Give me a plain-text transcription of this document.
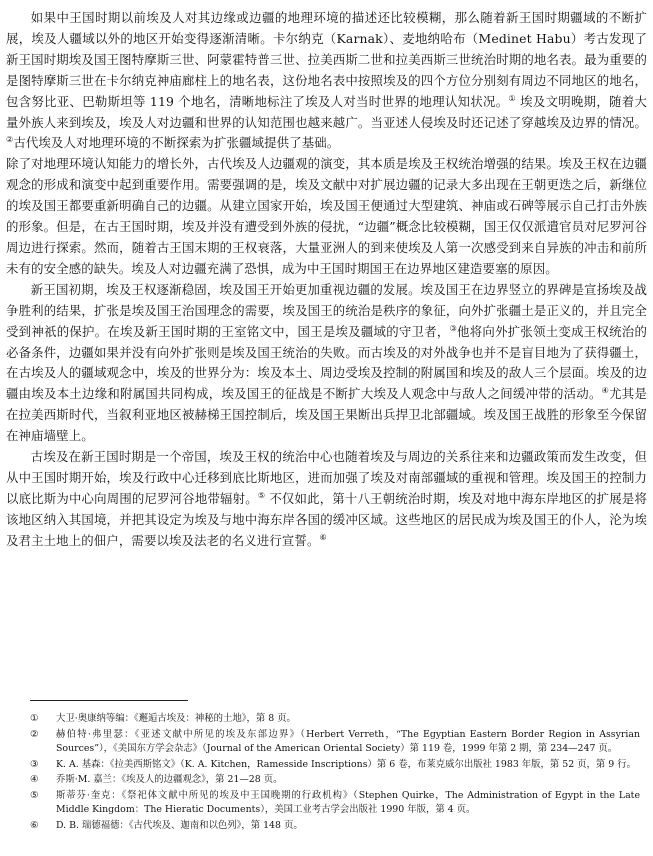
如果中王国时期以前埃及人对其边缘或边疆的地理环境的描述还比较模糊，那么随着新王国时期疆域的不断扩展，埃及人疆域以外的地区开始变得逐渐清晰。卡尔纳克（Karnak）、麦地纳哈布（Medinet Habu）考古发现了新王国时期埃及国王图特摩斯三世、阿蒙霍特普三世、拉美西斯二世和拉美西斯三世统治时期的地名表。最为重要的是图特摩斯三世在卡尔纳克神庙廊柱上的地名表，这份地名表中按照埃及的四个方位分别刻有周边不同地区的地名，包含努比亚、巴勒斯坦等 119 个地名，清晰地标注了埃及人对当时世界的地理认知状况。① 埃及文明晚期，随着大量外族人来到埃及，埃及人对边疆和世界的认知范围也越来越广。当亚述人侵埃及时还记述了穿越埃及边界的情况。②古代埃及人对地理环境的不断探索为扩张疆域提供了基础。

除了对地理环境认知能力的增长外，古代埃及人边疆观的演变，其本质是埃及王权统治增强的结果。埃及王权在边疆观念的形成和演变中起到重要作用。需要强调的是，埃及文献中对扩展边疆的记录大多出现在王朝更迭之后，新继位的埃及国王都要重新明确自己的边疆。从建立国家开始，埃及国王便通过大型建筑、神庙或石碑等展示自己打击外族的形象。但是，在古王国时期，埃及并没有遭受到外族的侵扰，“边疆”概念比较模糊，国王仅仅派遣官员对尼罗河谷周边进行探索。然而，随着古王国末期的王权衰落，大量亚洲人的到来使埃及人第一次感受到来自异族的冲击和前所未有的安全感的缺失。埃及人对边疆充满了恐惧，成为中王国时期国王在边界地区建造要塞的原因。

新王国初期，埃及王权逐渐稳固，埃及国王开始更加重视边疆的发展。埃及国王在边界竖立的界碑是宣扬埃及战争胜利的结果，扩张是埃及国王治国理念的需要，埃及国王的统治是秩序的象征，向外扩张疆土是正义的，并且完全受到神祇的保护。在埃及新王国时期的王室铭文中，国王是埃及疆域的守卫者，③他将向外扩张领土变成王权统治的必备条件，边疆如果并没有向外扩张则是埃及国王统治的失败。而古埃及的对外战争也并不是盲目地为了获得疆土，在古埃及人的疆域观念中，埃及的世界分为：埃及本土、周边受埃及控制的附属国和埃及的敌人三个层面。埃及的边疆由埃及本土边缘和附属国共同构成，埃及国王的征战是不断扩大埃及人观念中与敌人之间缓冲带的活动。④尤其是在拉美西斯时代，当叙利亚地区被赫梯王国控制后，埃及国王果断出兵捍卫北部疆域。埃及国王战胜的形象至今保留在神庙墙壁上。

古埃及在新王国时期是一个帝国，埃及王权的统治中心也随着埃及与周边的关系往来和边疆政策而发生改变，但从中王国时期开始，埃及行政中心迁移到底比斯地区，进而加强了埃及对南部疆域的重视和管理。埃及国王的控制力以底比斯为中心向周围的尼罗河谷地带辐射。⑤ 不仅如此，第十八王朝统治时期，埃及对地中海东岸地区的扩展是将该地区纳入其国境，并把其设定为埃及与地中海东岸各国的缓冲区域。这些地区的居民成为埃及国王的仆人，沦为埃及君主土地上的佃户，需要以埃及法老的名义进行宣誓。⑥

①	大卫·奥康纳等编：《邂逅古埃及：神秘的土地》，第 8 页。
②	赫伯特·弗里瑟：《亚述文献中所见的埃及东部边界》（Herbert Verreth，“The Egyptian Eastern Border Region in Assyrian Sources”），《美国东方学会杂志》（Journal of the American Oriental Society）第 119 卷，1999 年第 2 期，第 234—247 页。
③	K. A. 基森：《拉美西斯铭文》（K. A. Kitchen，Ramesside Inscriptions）第 6 卷，布莱克威尔出版社 1983 年版，第 52 页，第 9 行。
④	乔斯·M. 嘉兰：《埃及人的边疆观念》，第 21—28 页。
⑤	斯蒂芬·奎克：《祭祀体文献中所见的埃及中王国晚期的行政机构》（Stephen Quirke，The Administration of Egypt in the Late Middle Kingdom：The Hieratic Documents），美国工业考古学会出版社 1990 年版，第 4 页。
⑥	D. B. 瑞德福德：《古代埃及、迦南和以色列》，第 148 页。
